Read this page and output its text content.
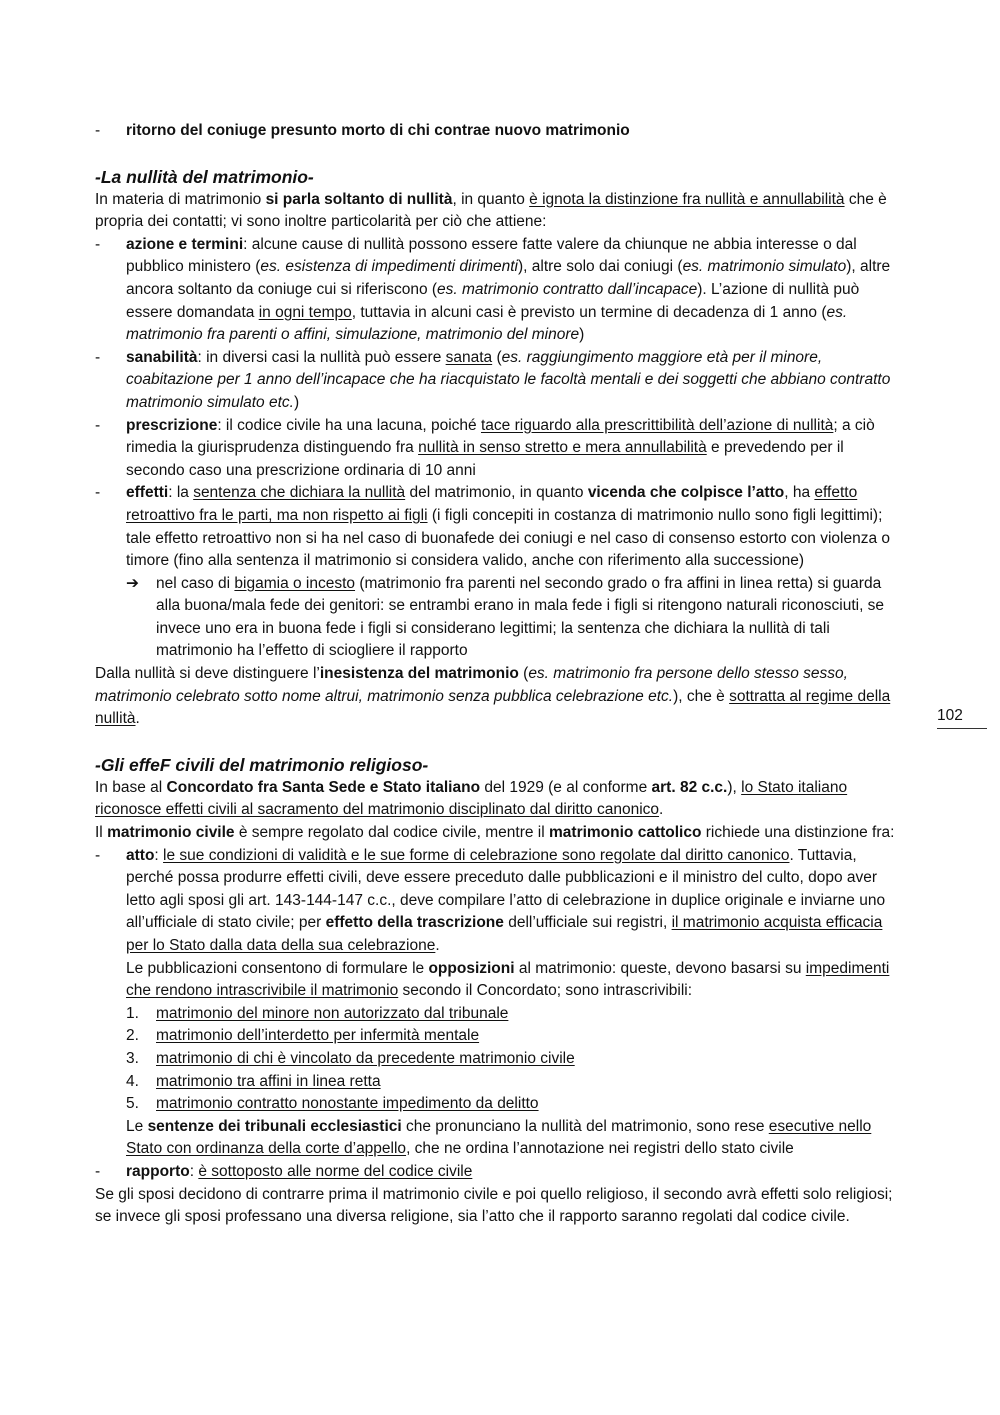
- ritorno del coniuge presunto morto di chi contrae nuovo matrimonio

-La nullità del matrimonio-

In materia di matrimonio si parla soltanto di nullità, in quanto è ignota la distinzione fra nullità e annullabilità che è propria dei contatti; vi sono inoltre particolarità per ciò che attiene:

- azione e termini: alcune cause di nullità possono essere fatte valere da chiunque ne abbia interesse o dal pubblico ministero (es. esistenza di impedimenti dirimenti), altre solo dai coniugi (es. matrimonio simulato), altre ancora soltanto da coniuge cui si riferiscono (es. matrimonio contratto dall’incapace). L’azione di nullità può essere domandata in ogni tempo, tuttavia in alcuni casi è previsto un termine di decadenza di 1 anno (es. matrimonio fra parenti o affini, simulazione, matrimonio del minore)

- sanabilità: in diversi casi la nullità può essere sanata (es. raggiungimento maggiore età per il minore, coabitazione per 1 anno dell’incapace che ha riacquistato le facoltà mentali e dei soggetti che abbiano contratto matrimonio simulato etc.)

- prescrizione: il codice civile ha una lacuna, poiché tace riguardo alla prescrittibilità dell’azione di nullità; a ciò rimedia la giurisprudenza distinguendo fra nullità in senso stretto e mera annullabilità e prevedendo per il secondo caso una prescrizione ordinaria di 10 anni

- effetti: la sentenza che dichiara la nullità del matrimonio, in quanto vicenda che colpisce l’atto, ha effetto retroattivo fra le parti, ma non rispetto ai figli (i figli concepiti in costanza di matrimonio nullo sono figli legittimi); tale effetto retroattivo non si ha nel caso di buonafede dei coniugi e nel caso di consenso estorto con violenza o timore (fino alla sentenza il matrimonio si considera valido, anche con riferimento alla successione)

➔ nel caso di bigamia o incesto (matrimonio fra parenti nel secondo grado o fra affini in linea retta) si guarda alla buona/mala fede dei genitori: se entrambi erano in mala fede i figli si ritengono naturali riconosciuti, se invece uno era in buona fede i figli si considerano legittimi; la sentenza che dichiara la nullità di tali matrimonio ha l’effetto di sciogliere il rapporto

Dalla nullità si deve distinguere l’inesistenza del matrimonio (es. matrimonio fra persone dello stesso sesso, matrimonio celebrato sotto nome altrui, matrimonio senza pubblica celebrazione etc.), che è sottratta al regime della nullità.

-Gli effeF civili del matrimonio religioso-

In base al Concordato fra Santa Sede e Stato italiano del 1929 (e al conforme art. 82 c.c.), lo Stato italiano riconosce effetti civili al sacramento del matrimonio disciplinato dal diritto canonico.

Il matrimonio civile è sempre regolato dal codice civile, mentre il matrimonio cattolico richiede una distinzione fra:

- atto: le sue condizioni di validità e le sue forme di celebrazione sono regolate dal diritto canonico. Tuttavia, perché possa produrre effetti civili, deve essere preceduto dalle pubblicazioni e il ministro del culto, dopo aver letto agli sposi gli art. 143-144-147 c.c., deve compilare l’atto di celebrazione in duplice originale e inviarne uno all’ufficiale di stato civile; per effetto della trascrizione dell’ufficiale sui registri, il matrimonio acquista efficacia per lo Stato dalla data della sua celebrazione.

Le pubblicazioni consentono di formulare le opposizioni al matrimonio: queste, devono basarsi su impedimenti che rendono intrascrivibile il matrimonio secondo il Concordato; sono intrascrivibili:

1. matrimonio del minore non autorizzato dal tribunale

2. matrimonio dell’interdetto per infermità mentale

3. matrimonio di chi è vincolato da precedente matrimonio civile

4. matrimonio tra affini in linea retta

5. matrimonio contratto nonostante impedimento da delitto

Le sentenze dei tribunali ecclesiastici che pronunciano la nullità del matrimonio, sono rese esecutive nello Stato con ordinanza della corte d’appello, che ne ordina l’annotazione nei registri dello stato civile

- rapporto: è sottoposto alle norme del codice civile

Se gli sposi decidono di contrarre prima il matrimonio civile e poi quello religioso, il secondo avrà effetti solo religiosi; se invece gli sposi professano una diversa religione, sia l’atto che il rapporto saranno regolati dal codice civile.

102
